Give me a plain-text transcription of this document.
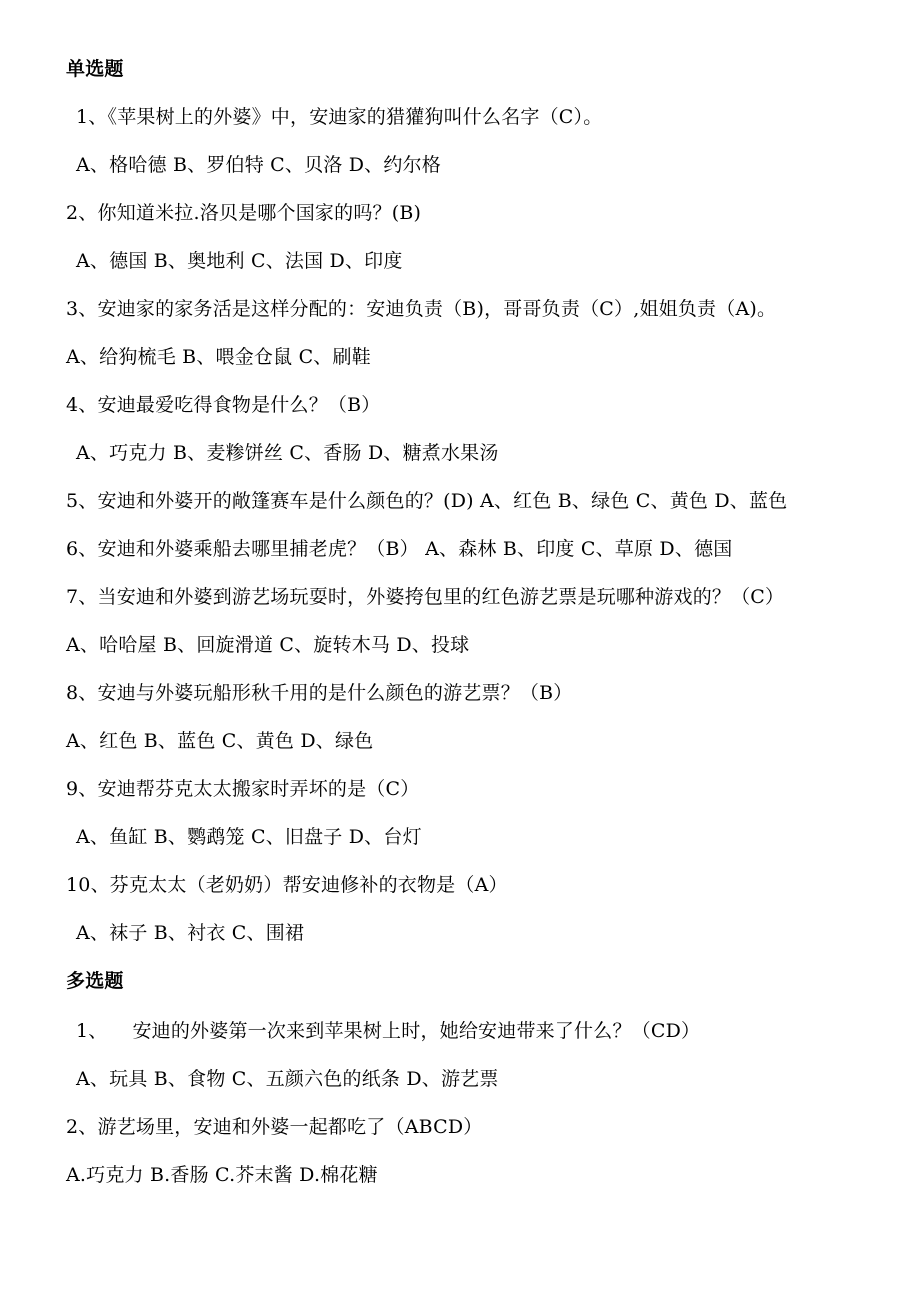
单选题
1、《苹果树上的外婆》中，安迪家的猎獾狗叫什么名字（C）。
A、格哈德 B、罗伯特 C、贝洛 D、约尔格
2、你知道米拉.洛贝是哪个国家的吗？(B)
A、德国 B、奥地利 C、法国 D、印度
3、安迪家的家务活是这样分配的：安迪负责（B)，哥哥负责（C）,姐姐负责（A)。
A、给狗梳毛 B、喂金仓鼠 C、刷鞋
4、安迪最爱吃得食物是什么？（B）
A、巧克力 B、麦糁饼丝 C、香肠 D、糖煮水果汤
5、安迪和外婆开的敞篷赛车是什么颜色的？(D) A、红色 B、绿色 C、黄色 D、蓝色
6、安迪和外婆乘船去哪里捕老虎？（B） A、森林 B、印度 C、草原 D、德国
7、当安迪和外婆到游艺场玩耍时，外婆挎包里的红色游艺票是玩哪种游戏的？（C）
A、哈哈屋 B、回旋滑道 C、旋转木马 D、投球
8、安迪与外婆玩船形秋千用的是什么颜色的游艺票？（B）
A、红色 B、蓝色 C、黄色 D、绿色
9、安迪帮芬克太太搬家时弄坏的是（C）
A、鱼缸 B、鹦鹉笼 C、旧盘子 D、台灯
10、芬克太太（老奶奶）帮安迪修补的衣物是（A）
A、袜子 B、衬衣 C、围裙
多选题
1、    安迪的外婆第一次来到苹果树上时，她给安迪带来了什么？（CD）
A、玩具 B、食物 C、五颜六色的纸条 D、游艺票
2、游艺场里，安迪和外婆一起都吃了（ABCD）
A.巧克力 B.香肠 C.芥末酱 D.棉花糖
